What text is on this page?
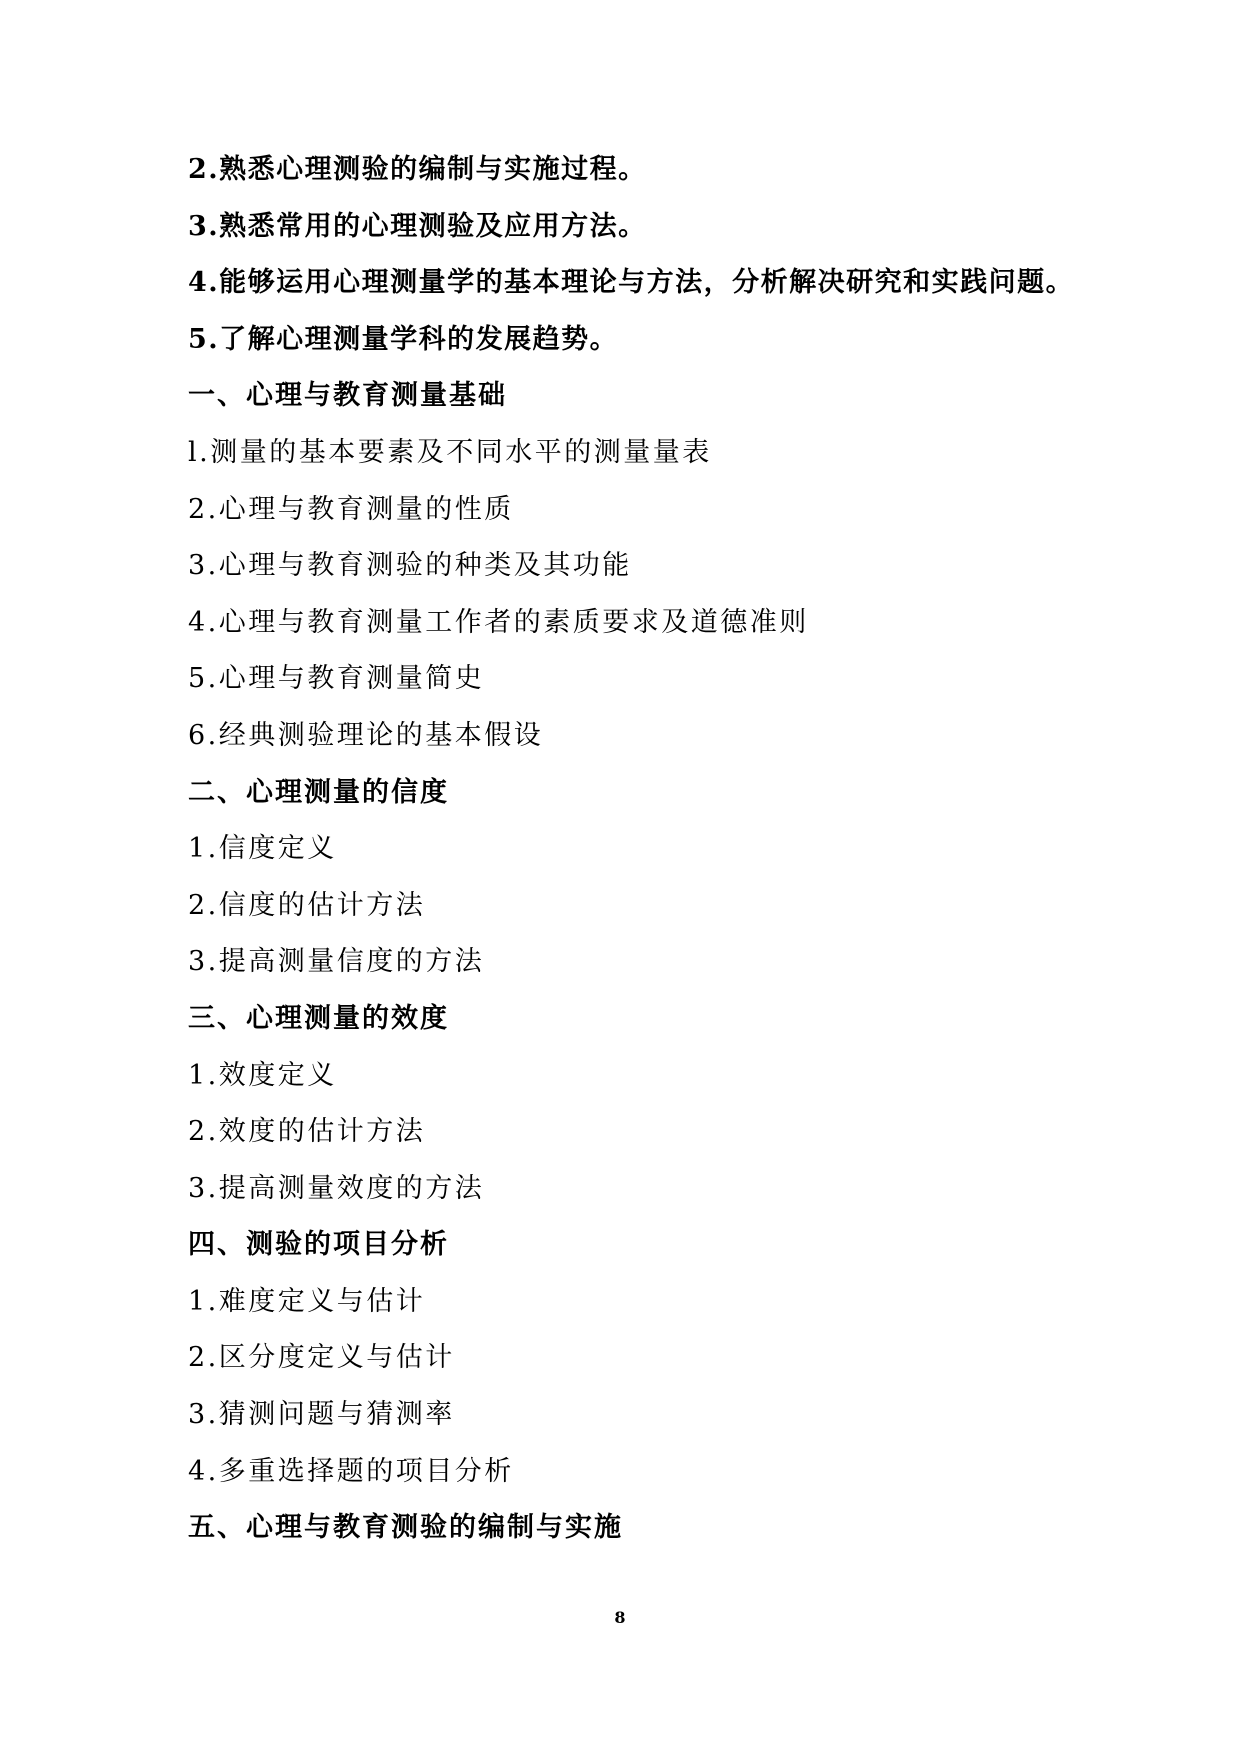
2.熟悉心理测验的编制与实施过程。
3.熟悉常用的心理测验及应用方法。
4.能够运用心理测量学的基本理论与方法，分析解决研究和实践问题。
5.了解心理测量学科的发展趋势。
一、心理与教育测量基础
l.测量的基本要素及不同水平的测量量表
2.心理与教育测量的性质
3.心理与教育测验的种类及其功能
4.心理与教育测量工作者的素质要求及道德准则
5.心理与教育测量简史
6.经典测验理论的基本假设
二、心理测量的信度
1.信度定义
2.信度的估计方法
3.提高测量信度的方法
三、心理测量的效度
1.效度定义
2.效度的估计方法
3.提高测量效度的方法
四、测验的项目分析
1.难度定义与估计
2.区分度定义与估计
3.猜测问题与猜测率
4.多重选择题的项目分析
五、心理与教育测验的编制与实施
8
